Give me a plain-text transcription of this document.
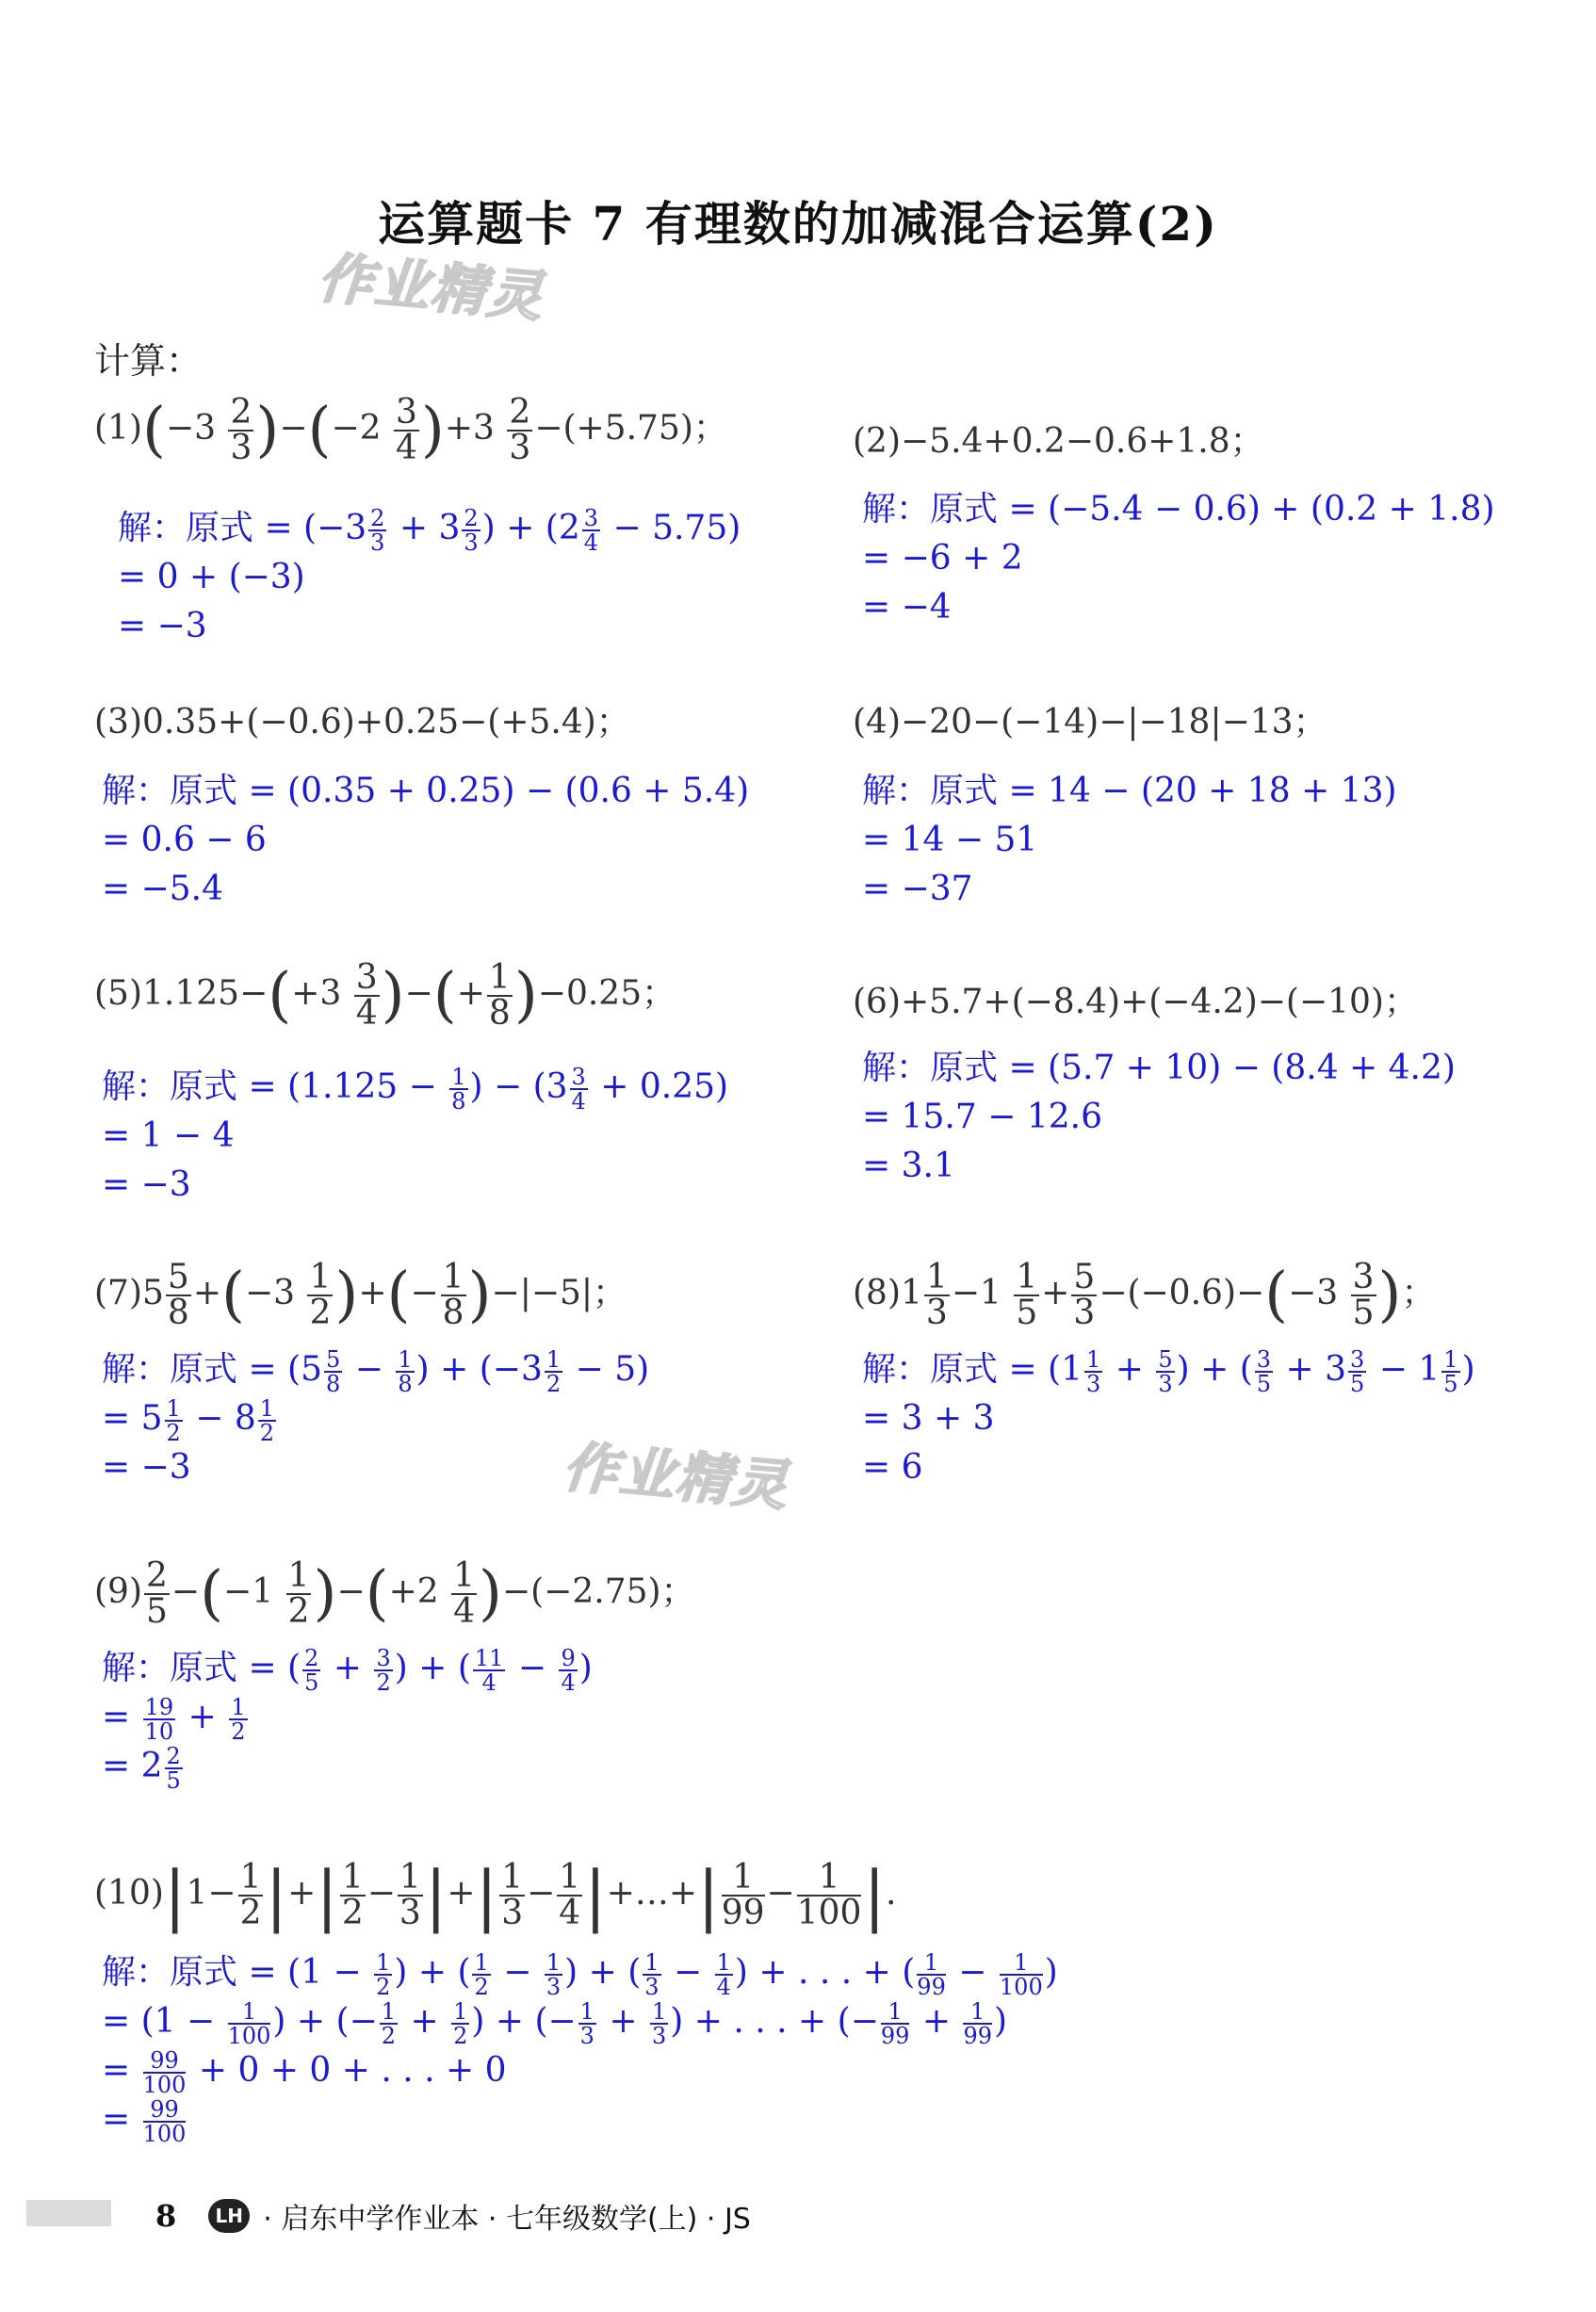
运算题卡 7 有理数的加减混合运算(2)
作业精灵
作业精灵
计算：
$(1)(-3 \frac{2}{3} )-(-2 \frac{3}{4} )+3 \frac{2}{3} -(+5.75)$；
解：原式 = ($-3 \frac{2}{3} + 3 \frac{2}{3}$ ) + $(2 \frac{3}{4} - 5.75)$
= 0 + (−3)
= −3
(2)−5.4+0.2−0.6+1.8；
解：原式 = (−5.4 − 0.6) + (0.2 + 1.8)
= −6 + 2
= −4
(3)0.35+(−0.6)+0.25−(+5.4)；
解：原式 = (0.35 + 0.25) − (0.6 + 5.4)
= 0.6 − 6
= −5.4
(4)−20−(−14)−|−18|−13；
解：原式 = 14 − (20 + 18 + 13)
= 14 − 51
= −37
$(5)1.125-(+3 \frac{3}{4}$ )−(+ $\frac{1}{8} )-0.25$；
解：原式 = ($1.125 - \frac{1}{8}$ ) − $(3 \frac{3}{4} + 0.25)$
= 1 − 4
= −3
(6)+5.7+(−8.4)+(−4.2)−(−10)；
解：原式 = (5.7 + 10) − (8.4 + 4.2)
= 15.7 − 12.6
= 3.1
$(7)5 \frac{5}{8} +(-3 \frac{1}{2}$ )+(− $\frac{1}{8} )-|-5|$；
解：原式 = ($5 \frac{5}{8} - \frac{1}{8}$ ) + $(-3 \frac{1}{2} - 5)$
= $5 \frac{1}{2} - 8 \frac{1}{2}$
= −3
$(8)1 \frac{1}{3} -1 \frac{1}{5} + \frac{5}{3} -(-0.6)-(-3 \frac{3}{5}$ )；
解：原式 = ($1 \frac{1}{3} + \frac{5}{3}$ ) + ( $\frac{3}{5} + 3 \frac{3}{5} - 1 \frac{1}{5}$ )
= 3 + 3
= 6
$(9) \frac{2}{5} -(-1 \frac{1}{2} )-(+2 \frac{1}{4} )-(-2.75)$；
解：原式 = ( $\frac{2}{5} + \frac{3}{2}$ ) + ( $\frac{11}{4} - \frac{9}{4}$ )
= $\frac{19}{10} + \frac{1}{2}$
= $2 \frac{2}{5}$
$(10)|1- \frac{1}{2}$ |+| $\frac{1}{2} - \frac{1}{3}$ |+| $\frac{1}{3} - \frac{1}{4}$ |+…+| $\frac{1}{99} - \frac{1}{100}$ |.
解：原式 = ($1 - \frac{1}{2}$ ) + ( $\frac{1}{2} - \frac{1}{3}$ ) + ( $\frac{1}{3} - \frac{1}{4}$ ) + . . . + ( $\frac{1}{99} - \frac{1}{100}$ )
= ($1 - \frac{1}{100}$ ) + (− $\frac{1}{2} + \frac{1}{2}$ ) + (− $\frac{1}{3} + \frac{1}{3}$ ) + . . . + (− $\frac{1}{99} + \frac{1}{99}$ )
= $\frac{99}{100} + 0 + 0$ + . . . + 0
= $\frac{99}{100}$
8	LH · 启东中学作业本 · 七年级数学(上) · JS
